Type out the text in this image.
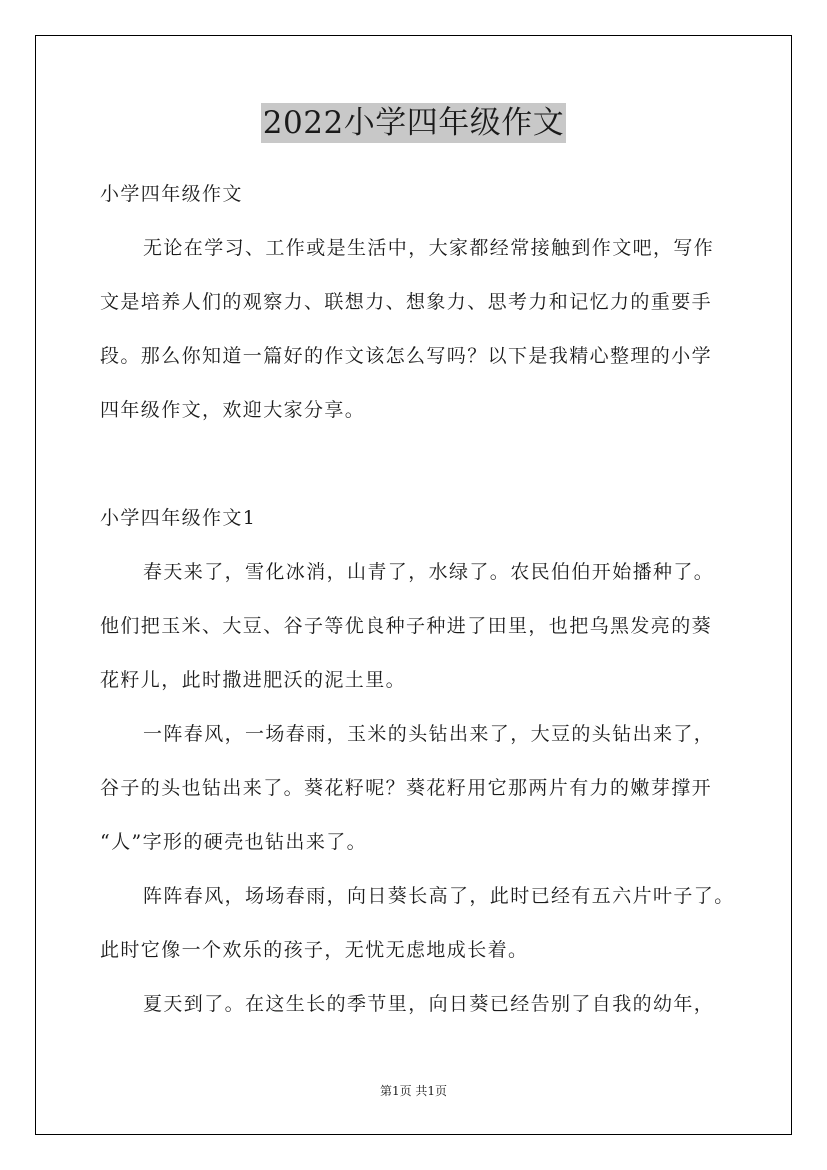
2022小学四年级作文
小学四年级作文
无论在学习、工作或是生活中，大家都经常接触到作文吧，写作
文是培养人们的观察力、联想力、想象力、思考力和记忆力的重要手
段。那么你知道一篇好的作文该怎么写吗？以下是我精心整理的小学
四年级作文，欢迎大家分享。
小学四年级作文1
春天来了，雪化冰消，山青了，水绿了。农民伯伯开始播种了。
他们把玉米、大豆、谷子等优良种子种进了田里，也把乌黑发亮的葵
花籽儿，此时撒进肥沃的泥土里。
一阵春风，一场春雨，玉米的头钻出来了，大豆的头钻出来了，
谷子的头也钻出来了。葵花籽呢？葵花籽用它那两片有力的嫩芽撑开
“人”字形的硬壳也钻出来了。
阵阵春风，场场春雨，向日葵长高了，此时已经有五六片叶子了。
此时它像一个欢乐的孩子，无忧无虑地成长着。
夏天到了。在这生长的季节里，向日葵已经告别了自我的幼年，
第1页 共1页
